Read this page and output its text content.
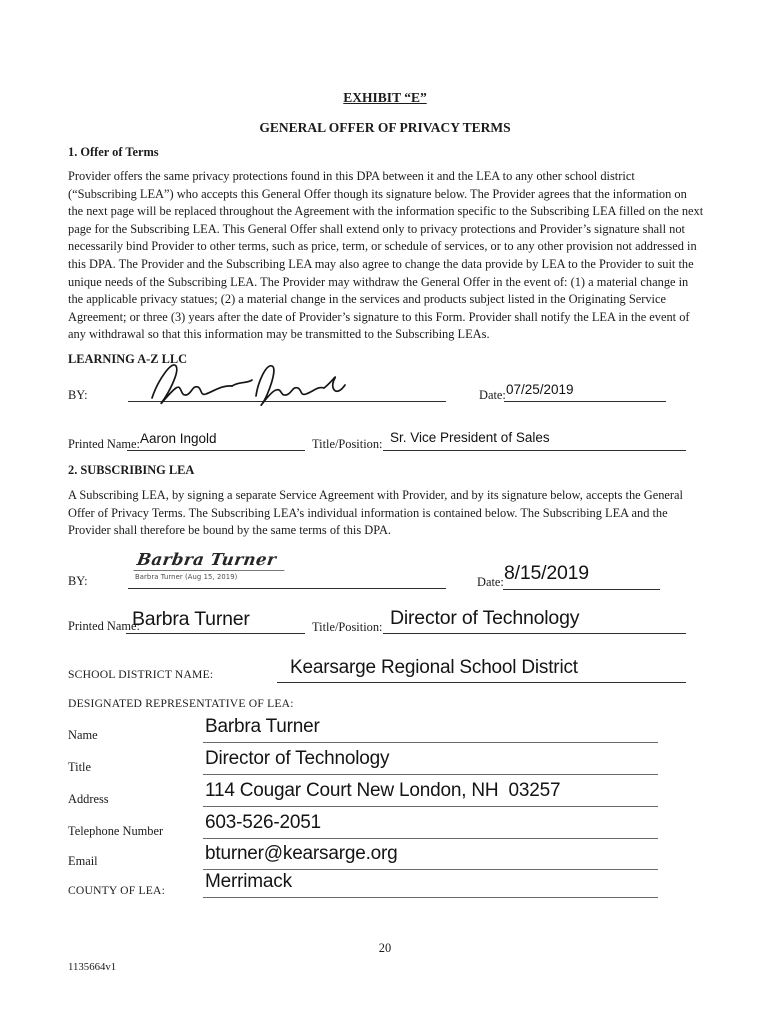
EXHIBIT “E”
GENERAL OFFER OF PRIVACY TERMS
1. Offer of Terms
Provider offers the same privacy protections found in this DPA between it and the LEA to any other school district (“Subscribing LEA”) who accepts this General Offer though its signature below. The Provider agrees that the information on the next page will be replaced throughout the Agreement with the information specific to the Subscribing LEA filled on the next page for the Subscribing LEA. This General Offer shall extend only to privacy protections and Provider’s signature shall not necessarily bind Provider to other terms, such as price, term, or schedule of services, or to any other provision not addressed in this DPA. The Provider and the Subscribing LEA may also agree to change the data provide by LEA to the Provider to suit the unique needs of the Subscribing LEA. The Provider may withdraw the General Offer in the event of: (1) a material change in the applicable privacy statues; (2) a material change in the services and products subject listed in the Originating Service Agreement; or three (3) years after the date of Provider’s signature to this Form. Provider shall notify the LEA in the event of any withdrawal so that this information may be transmitted to the Subscribing LEAs.
LEARNING A-Z LLC
BY:	Date: 07/25/2019
Printed Name: Aaron Ingold	Title/Position: Sr. Vice President of Sales
2. SUBSCRIBING LEA
A Subscribing LEA, by signing a separate Service Agreement with Provider, and by its signature below, accepts the General Offer of Privacy Terms. The Subscribing LEA’s individual information is contained below. The Subscribing LEA and the Provider shall therefore be bound by the same terms of this DPA.
BY:
Barbra Turner
Barbra Turner (Aug 15, 2019)	Date: 8/15/2019
Printed Name:
Barbra Turner	Title/Position: Director of Technology
SCHOOL DISTRICT NAME:	Kearsarge Regional School District
DESIGNATED REPRESENTATIVE OF LEA:
Name	Barbra Turner
Title	Director of Technology
Address	114 Cougar Court New London, NH  03257
Telephone Number 603-526-2051
Email	bturner@kearsarge.org
COUNTY OF LEA: Merrimack
20
1135664v1
